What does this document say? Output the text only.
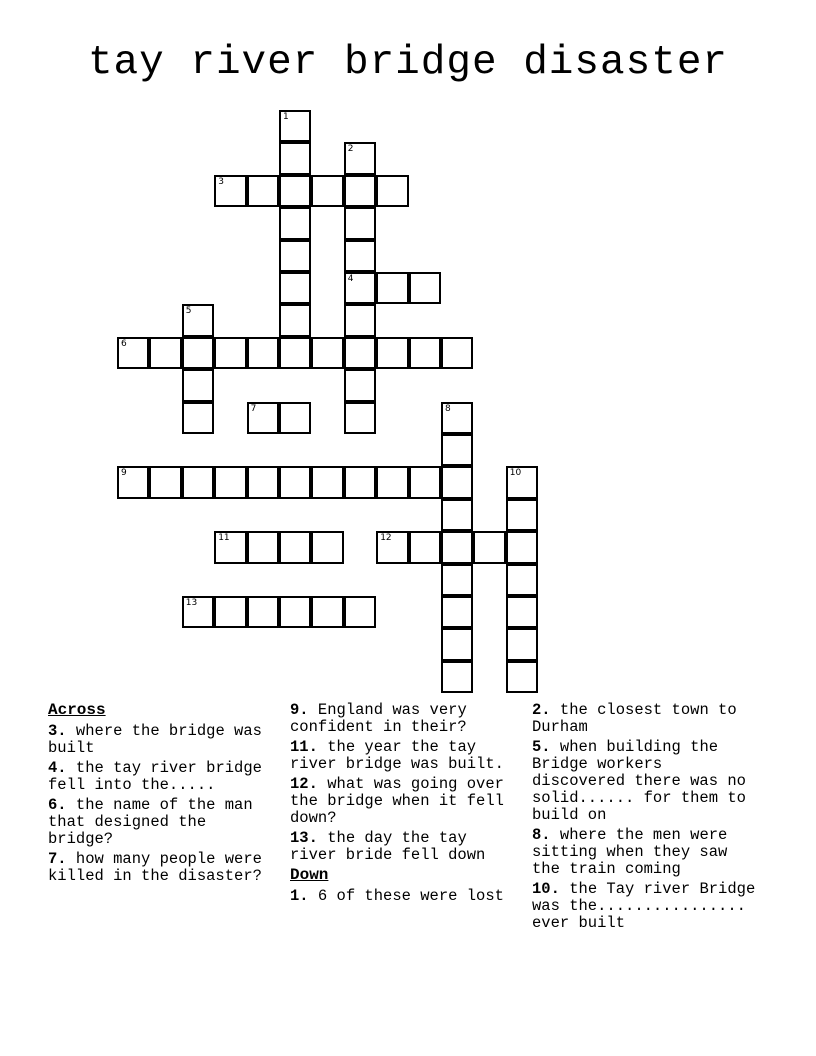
tay river bridge disaster
1
2
4
3
5
6
7	8
9	10
11	12
13
Across
3. where the bridge was built
4. the tay river bridge fell into the.....
6. the name of the man that designed the bridge?
7. how many people were killed in the disaster?
9. England was very confident in their?
11. the year the tay river bridge was built.
12. what was going over the bridge when it fell down?
13. the day the tay river bride fell down
Down
1. 6 of these were lost
2. the closest town to Durham
5. when building the Bridge workers discovered there was no solid...... for them to build on
8. where the men were sitting when they saw the train coming
10. the Tay river Bridge was the................ ever built
